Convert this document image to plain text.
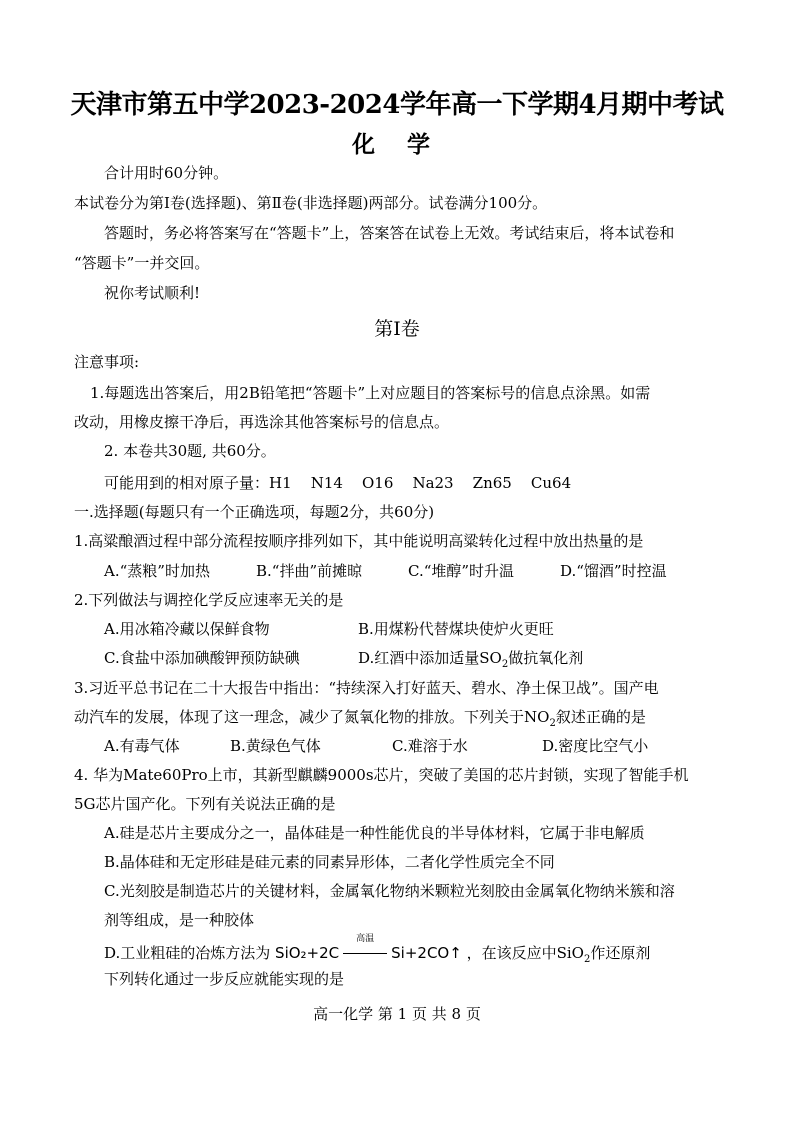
天津市第五中学2023-2024学年高一下学期4月期中考试
化 学
合计用时60分钟。
本试卷分为第Ⅰ卷(选择题)、第Ⅱ卷(非选择题)两部分。试卷满分100分。
答题时，务必将答案写在“答题卡”上，答案答在试卷上无效。考试结束后，将本试卷和
“答题卡”一并交回。
祝你考试顺利!
第Ⅰ卷
注意事项:
1.每题选出答案后，用2B铅笔把“答题卡”上对应题目的答案标号的信息点涂黑。如需
改动，用橡皮擦干净后，再选涂其他答案标号的信息点。
2. 本卷共30题, 共60分。
可能用到的相对原子量：H1    N14    O16    Na23    Zn65    Cu64
一.选择题(每题只有一个正确选项，每题2分，共60分)
1.高粱酿酒过程中部分流程按顺序排列如下，其中能说明高粱转化过程中放出热量的是
A.“蒸粮”时加热	B.“拌曲”前摊晾	C.“堆醇”时升温	D.“馏酒”时控温
2.下列做法与调控化学反应速率无关的是
A.用冰箱冷藏以保鲜食物	B.用煤粉代替煤块使炉火更旺
C.食盐中添加碘酸钾预防缺碘	D.红酒中添加适量$SO_2$做抗氧化剂
3.习近平总书记在二十大报告中指出：“持续深入打好蓝天、碧水、净土保卫战”。国产电
动汽车的发展，体现了这一理念，减少了氮氧化物的排放。下列关于$NO_2$叙述正确的是
A.有毒气体	B.黄绿色气体	C.难溶于水	D.密度比空气小
4. 华为Mate60Pro上市，其新型麒麟9000s芯片，突破了美国的芯片封锁，实现了智能手机
5G芯片国产化。下列有关说法正确的是
A.硅是芯片主要成分之一，晶体硅是一种性能优良的半导体材料，它属于非电解质
B.晶体硅和无定形硅是硅元素的同素异形体，二者化学性质完全不同
C.光刻胶是制造芯片的关键材料，金属氧化物纳米颗粒光刻胶由金属氧化物纳米簇和溶
剂等组成，是一种胶体
D.工业粗硅的冶炼方法为 SiO₂+2C
高温
Si+2CO↑ ，在该反应中SiO$_2$作还原剂
下列转化通过一步反应就能实现的是
高一化学 第 1 页 共 8 页
